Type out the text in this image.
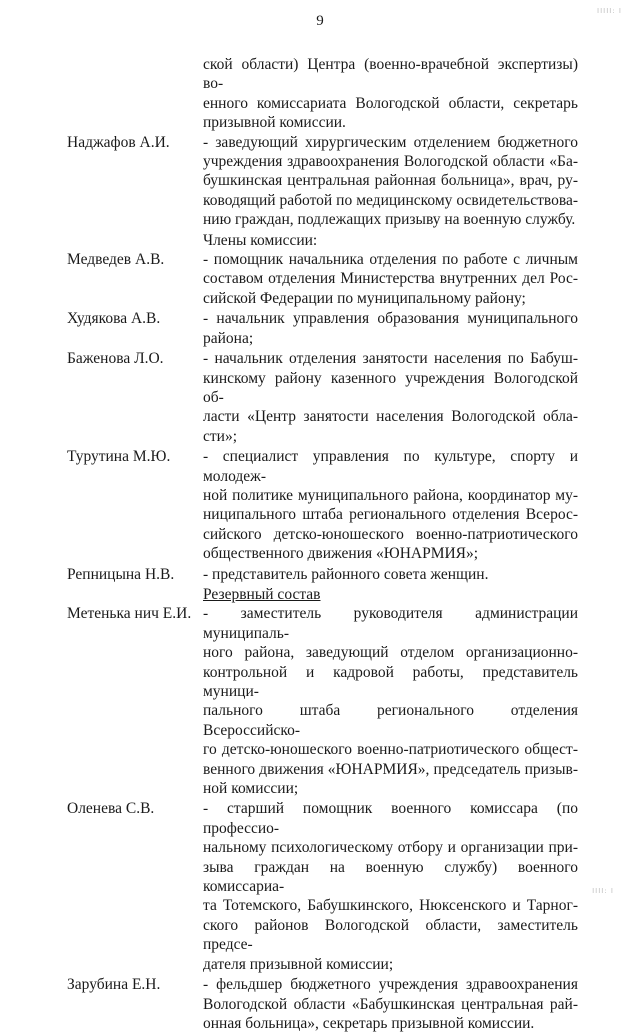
9
IIIII: I
IIII: I
ской области) Центра (военно-врачебной экспертизы) во-
енного комиссариата Вологодской области, секретарь
призывной комиссии.
Наджафов А.И. - заведующий хирургическим отделением бюджетного
учреждения здравоохранения Вологодской области «Ба-
бушкинская центральная районная больница», врач, ру-
ководящий работой по медицинскому освидетельствова-
нию граждан, подлежащих призыву на военную службу.
Члены комиссии:
Медведев А.В. - помощник начальника отделения по работе с личным
составом отделения Министерства внутренних дел Рос-
сийской Федерации по муниципальному району;
Худякова А.В.	- начальник управления образования муниципального
района;
Баженова Л.О.	- начальник отделения занятости населения по Бабуш-
кинскому району казенного учреждения Вологодской об-
ласти «Центр занятости населения Вологодской обла-
сти»;
Турутина М.Ю. - специалист управления по культуре, спорту и молодеж-
ной политике муниципального района, координатор му-
ниципального штаба регионального отделения Всерос-
сийского детско-юношеского военно-патриотического
общественного движения «ЮНАРМИЯ»;
Репницына Н.В. - представитель районного совета женщин.
Резервный состав
Метенька нич Е.И. - заместитель руководителя администрации муниципаль-
ного района, заведующий отделом организационно-
контрольной и кадровой работы, представитель муници-
пального штаба регионального отделения Всероссийско-
го детско-юношеского военно-патриотического общест-
венного движения «ЮНАРМИЯ», председатель призыв-
ной комиссии;
Оленева С.В.	- старший помощник военного комиссара (по профессио-
нальному психологическому отбору и организации при-
зыва граждан на военную службу) военного комиссариа-
та Тотемского, Бабушкинского, Нюксенского и Тарног-
ского районов Вологодской области, заместитель предсе-
дателя призывной комиссии;
Зарубина Е.Н.	- фельдшер бюджетного учреждения здравоохранения
Вологодской области «Бабушкинская центральная рай-
онная больница», секретарь призывной комиссии.
